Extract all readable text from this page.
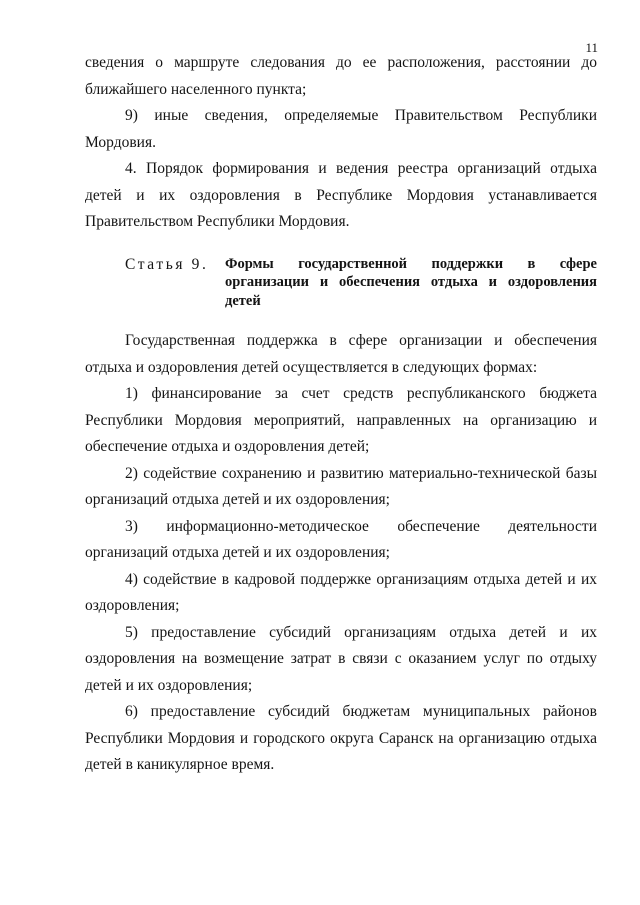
11

сведения о маршруте следования до ее расположения, расстоянии до ближайшего населенного пункта;

9) иные сведения, определяемые Правительством Республики Мордовия.

4. Порядок формирования и ведения реестра организаций отдыха детей и их оздоровления в Республике Мордовия устанавливается Правительством Республики Мордовия.

Статья 9.	Формы государственной поддержки в сфере организации и обеспечения отдыха и оздоровления детей

Государственная поддержка в сфере организации и обеспечения отдыха и оздоровления детей осуществляется в следующих формах:

1) финансирование за счет средств республиканского бюджета Республики Мордовия мероприятий, направленных на организацию и обеспечение отдыха и оздоровления детей;

2) содействие сохранению и развитию материально-технической базы организаций отдыха детей и их оздоровления;

3) информационно-методическое обеспечение деятельности организаций отдыха детей и их оздоровления;

4) содействие в кадровой поддержке организациям отдыха детей и их оздоровления;

5) предоставление субсидий организациям отдыха детей и их оздоровления на возмещение затрат в связи с оказанием услуг по отдыху детей и их оздоровления;

6) предоставление субсидий бюджетам муниципальных районов Республики Мордовия и городского округа Саранск на организацию отдыха детей в каникулярное время.
